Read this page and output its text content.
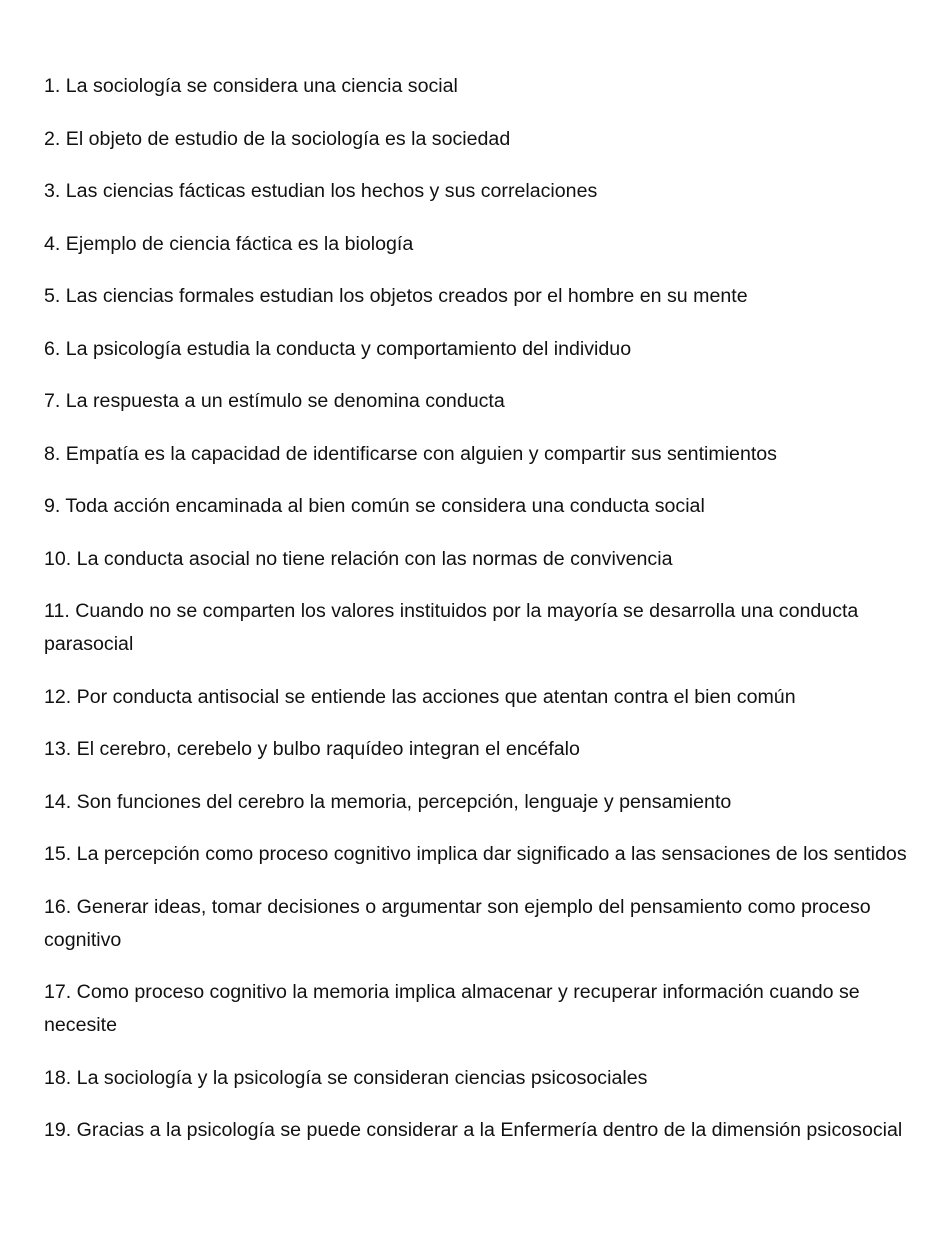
1. La sociología se considera una ciencia social
2. El objeto de estudio de la sociología es la sociedad
3. Las ciencias fácticas estudian los hechos y sus correlaciones
4. Ejemplo de ciencia fáctica es la biología
5. Las ciencias formales estudian los objetos creados por el hombre en su mente
6. La psicología estudia la conducta y comportamiento del individuo
7. La respuesta a un estímulo se denomina conducta
8. Empatía es la capacidad de identificarse con alguien y compartir sus sentimientos
9. Toda acción encaminada al bien común se considera una conducta social
10. La conducta asocial no tiene relación con las normas de convivencia
11. Cuando no se comparten los valores instituidos por la mayoría se desarrolla una conducta parasocial
12. Por conducta antisocial se entiende las acciones que atentan contra el bien común
13. El cerebro, cerebelo y bulbo raquídeo integran el encéfalo
14. Son funciones del cerebro la memoria, percepción, lenguaje y pensamiento
15. La percepción como proceso cognitivo implica dar significado a las sensaciones de los sentidos
16. Generar ideas, tomar decisiones o argumentar son ejemplo del pensamiento como proceso cognitivo
17. Como proceso cognitivo la memoria implica almacenar y recuperar información cuando se necesite
18. La sociología y la psicología se consideran ciencias psicosociales
19. Gracias a la psicología se puede considerar a la Enfermería dentro de la dimensión psicosocial
